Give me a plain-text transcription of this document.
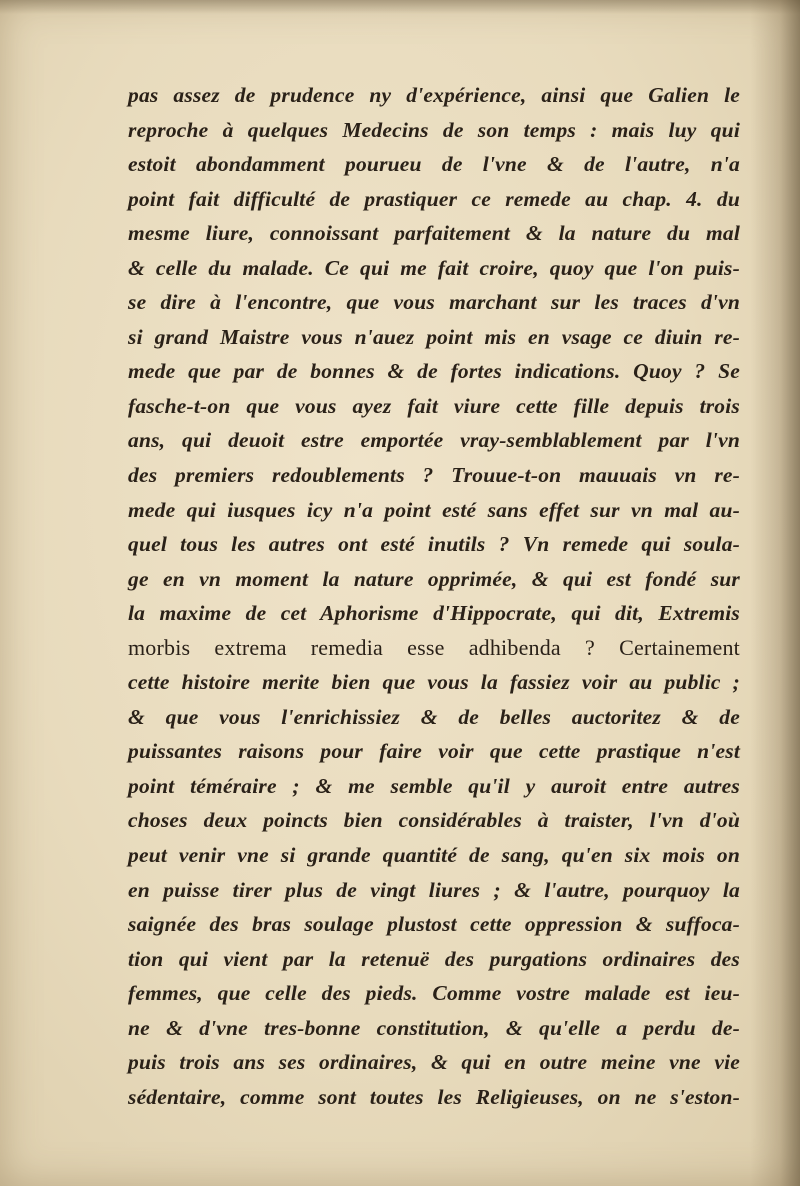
pas assez de prudence ny d'expérience, ainsi que Galien le
reproche à quelques Medecins de son temps : mais luy qui
estoit abondamment pourueu de l'vne & de l'autre, n'a
point fait difficulté de prastiquer ce remede au chap. 4. du
mesme liure, connoissant parfaitement & la nature du mal
& celle du malade. Ce qui me fait croire, quoy que l'on puis-
se dire à l'encontre, que vous marchant sur les traces d'vn
si grand Maistre vous n'auez point mis en vsage ce diuin re-
mede que par de bonnes & de fortes indications. Quoy ? Se
fasche-t-on que vous ayez fait viure cette fille depuis trois
ans, qui deuoit estre emportée vray-semblablement par l'vn
des premiers redoublements ? Trouue-t-on mauuais vn re-
mede qui iusques icy n'a point esté sans effet sur vn mal au-
quel tous les autres ont esté inutils ? Vn remede qui soula-
ge en vn moment la nature opprimée, & qui est fondé sur
la maxime de cet Aphorisme d'Hippocrate, qui dit, Extremis
morbis extrema remedia esse adhibenda ? Certainement
cette histoire merite bien que vous la fassiez voir au public ;
& que vous l'enrichissiez & de belles auctoritez & de
puissantes raisons pour faire voir que cette prastique n'est
point téméraire ; & me semble qu'il y auroit entre autres
choses deux poincts bien considérables à traister, l'vn d'où
peut venir vne si grande quantité de sang, qu'en six mois on
en puisse tirer plus de vingt liures ; & l'autre, pourquoy la
saignée des bras soulage plustost cette oppression & suffoca-
tion qui vient par la retenuë des purgations ordinaires des
femmes, que celle des pieds. Comme vostre malade est ieu-
ne & d'vne tres-bonne constitution, & qu'elle a perdu de-
puis trois ans ses ordinaires, & qui en outre meine vne vie
sédentaire, comme sont toutes les Religieuses, on ne s'eston-
